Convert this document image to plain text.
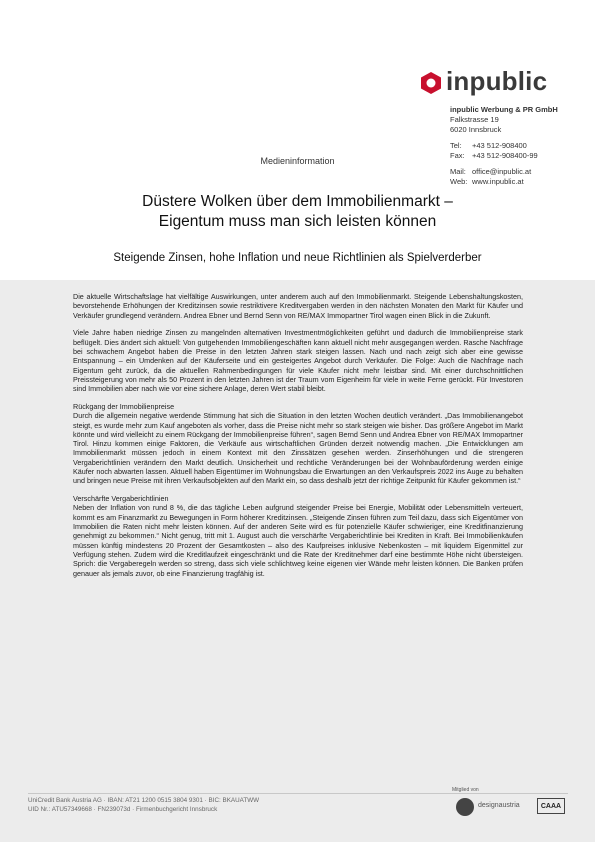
inpublic
inpublic Werbung & PR GmbH
Falkstrasse 19
6020 Innsbruck
Tel:	+43 512-908400
Fax: +43 512-908400-99
Mail: office@inpublic.at
Web: www.inpublic.at
Medieninformation
Düstere Wolken über dem Immobilienmarkt –
Eigentum muss man sich leisten können
Steigende Zinsen, hohe Inflation und neue Richtlinien als Spielverderber

Die aktuelle Wirtschaftslage hat vielfältige Auswirkungen, unter anderem auch auf den Immobilienmarkt. Steigende Lebenshaltungskosten, bevorstehende Erhöhungen der Kreditzinsen sowie restriktivere Kreditvergaben werden in den nächsten Monaten den Markt für Käufer und Verkäufer grundlegend verändern. Andrea Ebner und Bernd Senn von RE/MAX Immopartner Tirol wagen einen Blick in die Zukunft.

Viele Jahre haben niedrige Zinsen zu mangelnden alternativen Investmentmöglichkeiten geführt und dadurch die Immobilienpreise stark beflügelt. Dies ändert sich aktuell: Von gutgehenden Immobiliengeschäften kann aktuell nicht mehr ausgegangen werden. Rasche Nachfrage bei schwachem Angebot haben die Preise in den letzten Jahren stark steigen lassen. Nach und nach zeigt sich aber eine gewisse Entspannung – ein Umdenken auf der Käuferseite und ein gesteigertes Angebot durch Verkäufer. Die Folge: Auch die Nachfrage nach Eigentum geht zurück, da die aktuellen Rahmenbedingungen für viele Käufer nicht mehr leistbar sind. Mit einer durchschnittlichen Preissteigerung von mehr als 50 Prozent in den letzten Jahren ist der Traum vom Eigenheim für viele in weite Ferne gerückt. Für Investoren sind Immobilien aber nach wie vor eine sichere Anlage, deren Wert stabil bleibt.

Rückgang der Immobilienpreise

Durch die allgemein negative werdende Stimmung hat sich die Situation in den letzten Wochen deutlich verändert. „Das Immobilienangebot steigt, es wurde mehr zum Kauf angeboten als vorher, dass die Preise nicht mehr so stark steigen wie bisher. Das größere Angebot im Markt könnte und wird vielleicht zu einem Rückgang der Immobilienpreise führen“, sagen Bernd Senn und Andrea Ebner von RE/MAX Immopartner Tirol. Hinzu kommen einige Faktoren, die Verkäufe aus wirtschaftlichen Gründen derzeit notwendig machen. „Die Entwicklungen am Immobilienmarkt müssen jedoch in einem Kontext mit den Zinssätzen gesehen werden. Zinserhöhungen und die strengeren Vergaberichtlinien verändern den Markt deutlich. Unsicherheit und rechtliche Veränderungen bei der Wohnbauförderung werden einige Käufer noch abwarten lassen. Aktuell haben Eigentümer im Wohnungsbau die Erwartungen an den Verkaufspreis 2022 ins Auge zu behalten und bringen neue Preise mit ihren Verkaufsobjekten auf den Markt ein, so dass deshalb jetzt der richtige Zeitpunkt für Käufer gekommen ist.“

Verschärfte Vergaberichtlinien

Neben der Inflation von rund 8 %, die das tägliche Leben aufgrund steigender Preise bei Energie, Mobilität oder Lebensmitteln verteuert, kommt es am Finanzmarkt zu Bewegungen in Form höherer Kreditzinsen. „Steigende Zinsen führen zum Teil dazu, dass sich Eigentümer von Immobilien die Raten nicht mehr leisten können. Auf der anderen Seite wird es für potenzielle Käufer schwieriger, eine Kreditfinanzierung genehmigt zu bekommen.“ Nicht genug, tritt mit 1. August auch die verschärfte Vergaberichtlinie bei Krediten in Kraft. Bei Immobilienkäufen müssen künftig mindestens 20 Prozent der Gesamtkosten – also des Kaufpreises inklusive Nebenkosten – mit liquidem Eigenmittel zur Verfügung stehen. Zudem wird die Kreditlaufzeit eingeschränkt und die Rate der Kreditnehmer darf eine bestimmte Höhe nicht übersteigen. Sprich: die Vergaberegeln werden so streng, dass sich viele schlichtweg keine eigenen vier Wände mehr leisten können. Die Banken prüfen genauer als jemals zuvor, ob eine Finanzierung tragfähig ist.

UniCredit Bank Austria AG · IBAN: AT21 1200 0515 3804 9301 · BIC: BKAUATWW
UID Nr.: ATU57349668 · FN239073d · Firmenbuchgericht Innsbruck
Mitglied von
designaustria	CAAA
